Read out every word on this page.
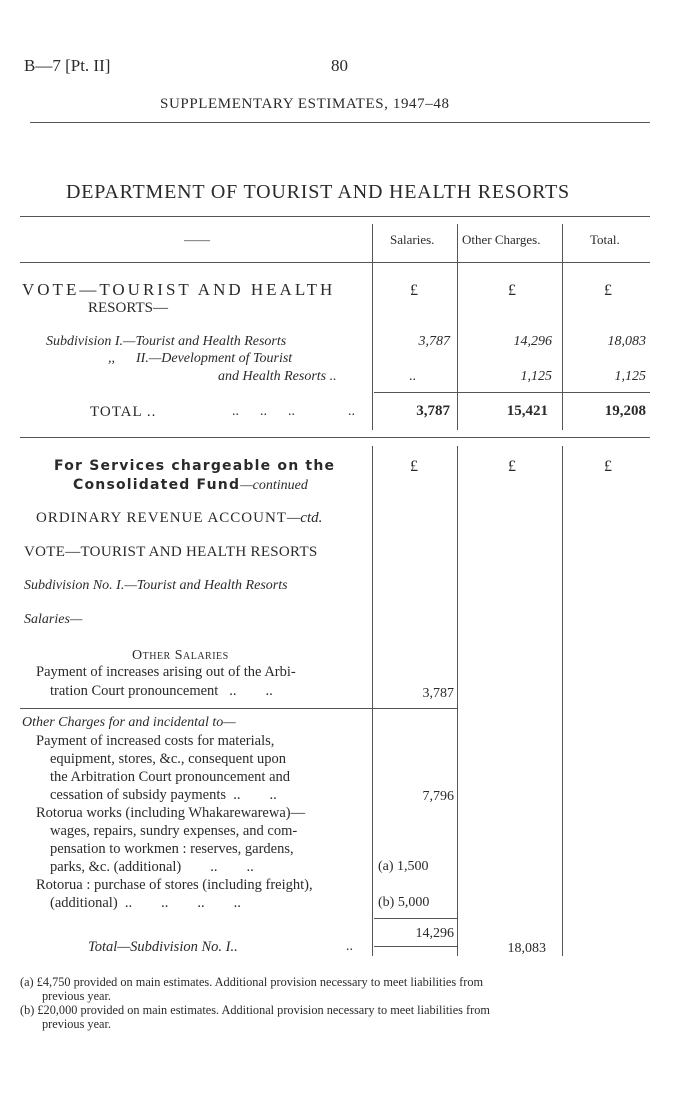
B—7 [Pt. II]	80
SUPPLEMENTARY ESTIMATES, 1947–48
DEPARTMENT OF TOURIST AND HEALTH RESORTS
——	Salaries. Other Charges.	Total.
VOTE—TOURIST AND HEALTH
RESORTS—
£	£	£
Subdivision I.—Tourist and Health Resorts	3,787	14,296	18,083
,,      II.—Development of Tourist
and Health Resorts ..	..	1,125	1,125
TOTAL ..	..      ..      ..	..	3,787	15,421	19,208
£	£	£
For Services chargeable on the
Consolidated Fund—continued
ORDINARY REVENUE ACCOUNT—ctd.
VOTE—TOURIST AND HEALTH RESORTS
Subdivision No. I.—Tourist and Health Resorts
Salaries—
Other Salaries
Payment of increases arising out of the Arbi-
tration Court pronouncement   ..        ..	3,787
Other Charges for and incidental to—
Payment of increased costs for materials,
equipment, stores, &c., consequent upon
the Arbitration Court pronouncement and
cessation of subsidy payments  ..        ..	7,796
Rotorua works (including Whakarewarewa)—
wages, repairs, sundry expenses, and com-
pensation to workmen : reserves, gardens,
parks, &c. (additional)        ..        ..	(a) 1,500
Rotorua : purchase of stores (including freight),
(additional)  ..        ..        ..        ..	(b) 5,000
14,296
Total—Subdivision No. I..	..	18,083
(a) £4,750 provided on main estimates. Additional provision necessary to meet liabilities from
previous year.
(b) £20,000 provided on main estimates. Additional provision necessary to meet liabilities from
previous year.
